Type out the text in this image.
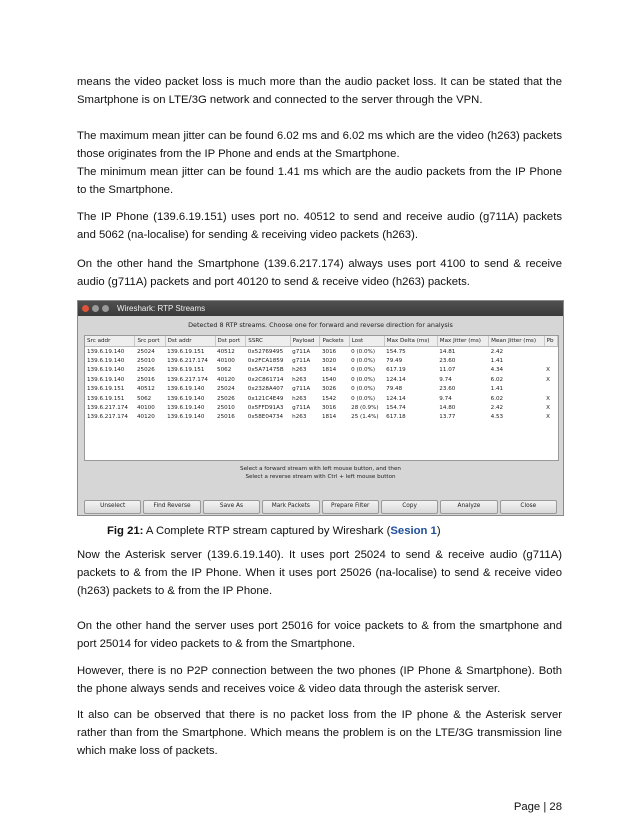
means the video packet loss is much more than the audio packet loss. It can be stated that the Smartphone is on LTE/3G network and connected to the server through the VPN.

The maximum mean jitter can be found 6.02 ms and 6.02 ms which are the video (h263) packets those originates from the IP Phone and ends at the Smartphone.

The minimum mean jitter can be found 1.41 ms which are the audio packets from the IP Phone to the Smartphone.

The IP Phone (139.6.19.151) uses port no. 40512 to send and receive audio (g711A) packets and 5062 (na-localise) for sending & receiving video packets (h263).

On the other hand the Smartphone (139.6.217.174) always uses port 4100 to send & receive audio (g711A) packets and port 40120 to send & receive video (h263) packets.

Wireshark: RTP Streams
Detected 8 RTP streams. Choose one for forward and reverse direction for analysis
Src addr	Src port	Dst addr	Dst port	SSRC	Payload	Packets	Lost	Max Delta (ms)	Max Jitter (ms)	Mean Jitter (ms)	Pb
139.6.19.140	25024	139.6.19.151	40512	0x52769495	g711A	3016	0 (0.0%)	154.75	14.81	2.42	
139.6.19.140	25010	139.6.217.174	40100	0x2FCA1859	g711A	3020	0 (0.0%)	79.49	23.60	1.41	
139.6.19.140	25026	139.6.19.151	5062	0x5A71475B	h263	1814	0 (0.0%)	617.19	11.07	4.34	X
139.6.19.140	25016	139.6.217.174	40120	0x2C861714	h263	1540	0 (0.0%)	124.14	9.74	6.02	X
139.6.19.151	40512	139.6.19.140	25024	0x2328A407	g711A	3026	0 (0.0%)	79.48	23.60	1.41	
139.6.19.151	5062	139.6.19.140	25026	0x121C4E49	h263	1542	0 (0.0%)	124.14	9.74	6.02	X
139.6.217.174	40100	139.6.19.140	25010	0x5FFD91A3	g711A	3016	28 (0.9%)	154.74	14.80	2.42	X
139.6.217.174	40120	139.6.19.140	25016	0x58E04734	h263	1814	25 (1.4%)	617.18	13.77	4.53	X
Select a forward stream with left mouse button, and then
Select a reverse stream with Ctrl + left mouse button
Unselect	Find Reverse	Save As	Mark Packets	Prepare Filter	Copy	Analyze	Close
Fig 21: A Complete RTP stream captured by Wireshark (Sesion 1)

Now the Asterisk server (139.6.19.140). It uses port 25024 to send & receive audio (g711A) packets to & from the IP Phone. When it uses port 25026 (na-localise) to send & receive video (h263) packets to & from the IP Phone.

On the other hand the server uses port 25016 for voice packets to & from the smartphone and port 25014 for video packets to & from the Smartphone.

However, there is no P2P connection between the two phones (IP Phone & Smartphone). Both the phone always sends and receives voice & video data through the asterisk server.

It also can be observed that there is no packet loss from the IP phone & the Asterisk server rather than from the Smartphone. Which means the problem is on the LTE/3G transmission line which make loss of packets.

Page | 28
